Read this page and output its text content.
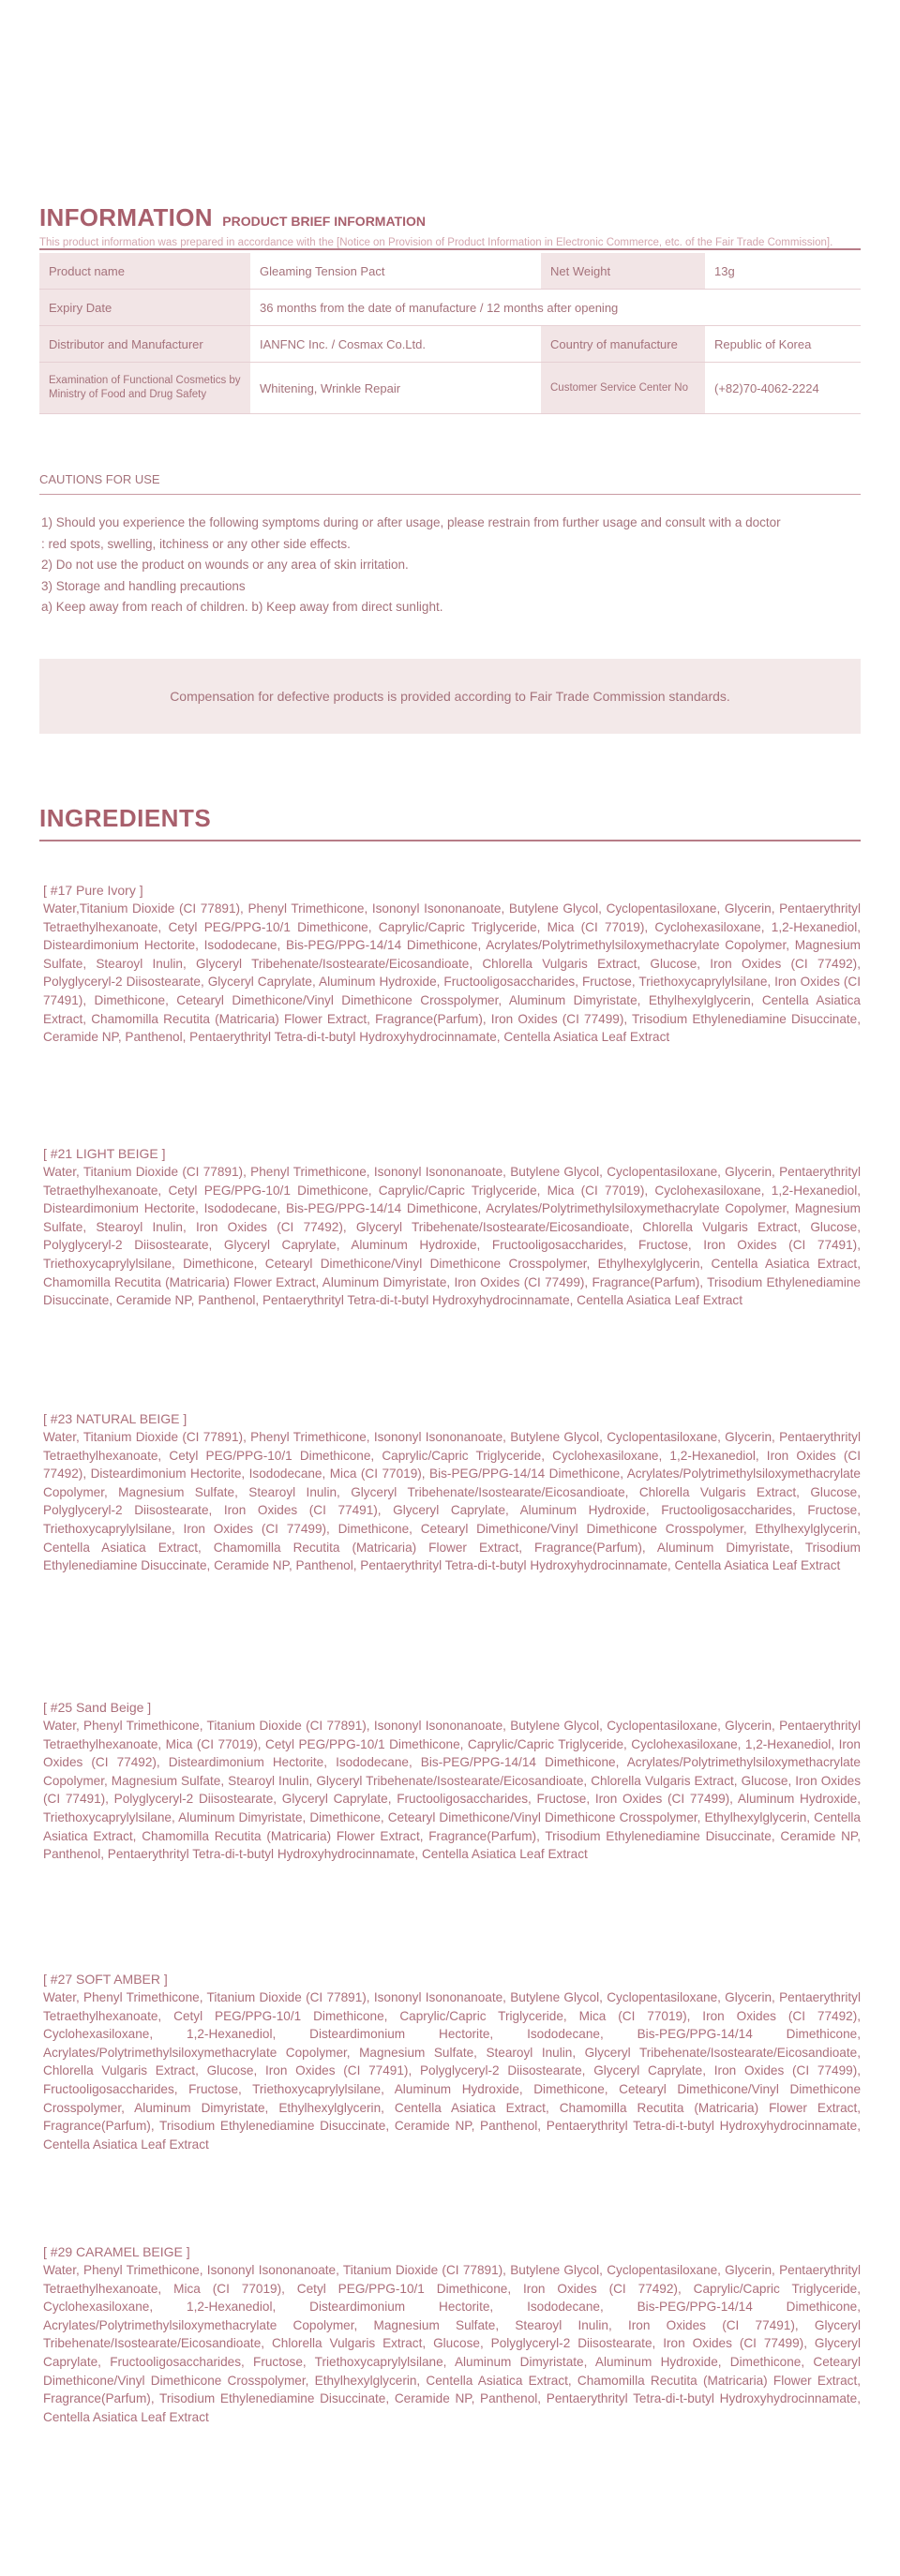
INFORMATION PRODUCT BRIEF INFORMATION
This product information was prepared in accordance with the [Notice on Provision of Product Information in Electronic Commerce, etc. of the Fair Trade Commission].
Product name	Gleaming Tension Pact	Net Weight	13g
Expiry Date	36 months from the date of manufacture / 12 months after opening		
Distributor and Manufacturer	IANFNC Inc. / Cosmax Co.Ltd.	Country of manufacture	Republic of Korea
Examination of Functional Cosmetics by Ministry of Food and Drug Safety	Whitening, Wrinkle Repair	Customer Service Center No	(+82)70-4062-2224
CAUTIONS FOR USE
1) Should you experience the following symptoms during or after usage, please restrain from further usage and consult with a doctor
: red spots, swelling, itchiness or any other side effects.
2) Do not use the product on wounds or any area of skin irritation.
3) Storage and handling precautions
a) Keep away from reach of children. b) Keep away from direct sunlight.
Compensation for defective products is provided according to Fair Trade Commission standards.
INGREDIENTS
[ #17 Pure Ivory ]
Water,Titanium Dioxide (CI 77891), Phenyl Trimethicone, Isononyl Isononanoate, Butylene Glycol, Cyclopentasiloxane, Glycerin, Pentaerythrityl Tetraethylhexanoate, Cetyl PEG/PPG-10/1 Dimethicone, Caprylic/Capric Triglyceride, Mica (CI 77019), Cyclohexasiloxane, 1,2-Hexanediol, Disteardimonium Hectorite, Isododecane, Bis-PEG/PPG-14/14 Dimethicone, Acrylates/Polytrimethylsiloxymethacrylate Copolymer, Magnesium Sulfate, Stearoyl Inulin, Glyceryl Tribehenate/Isostearate/Eicosandioate, Chlorella Vulgaris Extract, Glucose, Iron Oxides (CI 77492), Polyglyceryl-2 Diisostearate, Glyceryl Caprylate, Aluminum Hydroxide, Fructooligosaccharides, Fructose, Triethoxycaprylylsilane, Iron Oxides (CI 77491), Dimethicone, Cetearyl Dimethicone/Vinyl Dimethicone Crosspolymer, Aluminum Dimyristate, Ethylhexylglycerin, Centella Asiatica Extract, Chamomilla Recutita (Matricaria) Flower Extract, Fragrance(Parfum), Iron Oxides (CI 77499), Trisodium Ethylenediamine Disuccinate, Ceramide NP, Panthenol, Pentaerythrityl Tetra-di-t-butyl Hydroxyhydrocinnamate, Centella Asiatica Leaf Extract
[ #21 LIGHT BEIGE ]
Water, Titanium Dioxide (CI 77891), Phenyl Trimethicone, Isononyl Isononanoate, Butylene Glycol, Cyclopentasiloxane, Glycerin, Pentaerythrityl Tetraethylhexanoate, Cetyl PEG/PPG-10/1 Dimethicone, Caprylic/Capric Triglyceride, Mica (CI 77019), Cyclohexasiloxane, 1,2-Hexanediol, Disteardimonium Hectorite, Isododecane, Bis-PEG/PPG-14/14 Dimethicone, Acrylates/Polytrimethylsiloxymethacrylate Copolymer, Magnesium Sulfate, Stearoyl Inulin, Iron Oxides (CI 77492), Glyceryl Tribehenate/Isostearate/Eicosandioate, Chlorella Vulgaris Extract, Glucose, Polyglyceryl-2 Diisostearate, Glyceryl Caprylate, Aluminum Hydroxide, Fructooligosaccharides, Fructose, Iron Oxides (CI 77491), Triethoxycaprylylsilane, Dimethicone, Cetearyl Dimethicone/Vinyl Dimethicone Crosspolymer, Ethylhexylglycerin, Centella Asiatica Extract, Chamomilla Recutita (Matricaria) Flower Extract, Aluminum Dimyristate, Iron Oxides (CI 77499), Fragrance(Parfum), Trisodium Ethylenediamine Disuccinate, Ceramide NP, Panthenol, Pentaerythrityl Tetra-di-t-butyl Hydroxyhydrocinnamate, Centella Asiatica Leaf Extract
[ #23 NATURAL BEIGE ]
Water, Titanium Dioxide (CI 77891), Phenyl Trimethicone, Isononyl Isononanoate, Butylene Glycol, Cyclopentasiloxane, Glycerin, Pentaerythrityl Tetraethylhexanoate, Cetyl PEG/PPG-10/1 Dimethicone, Caprylic/Capric Triglyceride, Cyclohexasiloxane, 1,2-Hexanediol, Iron Oxides (CI 77492), Disteardimonium Hectorite, Isododecane, Mica (CI 77019), Bis-PEG/PPG-14/14 Dimethicone, Acrylates/Polytrimethylsiloxymethacrylate Copolymer, Magnesium Sulfate, Stearoyl Inulin, Glyceryl Tribehenate/Isostearate/Eicosandioate, Chlorella Vulgaris Extract, Glucose, Polyglyceryl-2 Diisostearate, Iron Oxides (CI 77491), Glyceryl Caprylate, Aluminum Hydroxide, Fructooligosaccharides, Fructose, Triethoxycaprylylsilane, Iron Oxides (CI 77499), Dimethicone, Cetearyl Dimethicone/Vinyl Dimethicone Crosspolymer, Ethylhexylglycerin, Centella Asiatica Extract, Chamomilla Recutita (Matricaria) Flower Extract, Fragrance(Parfum), Aluminum Dimyristate, Trisodium Ethylenediamine Disuccinate, Ceramide NP, Panthenol, Pentaerythrityl Tetra-di-t-butyl Hydroxyhydrocinnamate, Centella Asiatica Leaf Extract
[ #25 Sand Beige ]
Water, Phenyl Trimethicone, Titanium Dioxide (CI 77891), Isononyl Isononanoate, Butylene Glycol, Cyclopentasiloxane, Glycerin, Pentaerythrityl Tetraethylhexanoate, Mica (CI 77019), Cetyl PEG/PPG-10/1 Dimethicone, Caprylic/Capric Triglyceride, Cyclohexasiloxane, 1,2-Hexanediol, Iron Oxides (CI 77492), Disteardimonium Hectorite, Isododecane, Bis-PEG/PPG-14/14 Dimethicone, Acrylates/Polytrimethylsiloxymethacrylate Copolymer, Magnesium Sulfate, Stearoyl Inulin, Glyceryl Tribehenate/Isostearate/Eicosandioate, Chlorella Vulgaris Extract, Glucose, Iron Oxides (CI 77491), Polyglyceryl-2 Diisostearate, Glyceryl Caprylate, Fructooligosaccharides, Fructose, Iron Oxides (CI 77499), Aluminum Hydroxide, Triethoxycaprylylsilane, Aluminum Dimyristate, Dimethicone, Cetearyl Dimethicone/Vinyl Dimethicone Crosspolymer, Ethylhexylglycerin, Centella Asiatica Extract, Chamomilla Recutita (Matricaria) Flower Extract, Fragrance(Parfum), Trisodium Ethylenediamine Disuccinate, Ceramide NP, Panthenol, Pentaerythrityl Tetra-di-t-butyl Hydroxyhydrocinnamate, Centella Asiatica Leaf Extract
[ #27 SOFT AMBER ]
Water, Phenyl Trimethicone, Titanium Dioxide (CI 77891), Isononyl Isononanoate, Butylene Glycol, Cyclopentasiloxane, Glycerin, Pentaerythrityl Tetraethylhexanoate, Cetyl PEG/PPG-10/1 Dimethicone, Caprylic/Capric Triglyceride, Mica (CI 77019), Iron Oxides (CI 77492), Cyclohexasiloxane, 1,2-Hexanediol, Disteardimonium Hectorite, Isododecane, Bis-PEG/PPG-14/14 Dimethicone, Acrylates/Polytrimethylsiloxymethacrylate Copolymer, Magnesium Sulfate, Stearoyl Inulin, Glyceryl Tribehenate/Isostearate/Eicosandioate, Chlorella Vulgaris Extract, Glucose, Iron Oxides (CI 77491), Polyglyceryl-2 Diisostearate, Glyceryl Caprylate, Iron Oxides (CI 77499), Fructooligosaccharides, Fructose, Triethoxycaprylylsilane, Aluminum Hydroxide, Dimethicone, Cetearyl Dimethicone/Vinyl Dimethicone Crosspolymer, Aluminum Dimyristate, Ethylhexylglycerin, Centella Asiatica Extract, Chamomilla Recutita (Matricaria) Flower Extract, Fragrance(Parfum), Trisodium Ethylenediamine Disuccinate, Ceramide NP, Panthenol, Pentaerythrityl Tetra-di-t-butyl Hydroxyhydrocinnamate, Centella Asiatica Leaf Extract
[ #29 CARAMEL BEIGE ]
Water, Phenyl Trimethicone, Isononyl Isononanoate, Titanium Dioxide (CI 77891), Butylene Glycol, Cyclopentasiloxane, Glycerin, Pentaerythrityl Tetraethylhexanoate, Mica (CI 77019), Cetyl PEG/PPG-10/1 Dimethicone, Iron Oxides (CI 77492), Caprylic/Capric Triglyceride, Cyclohexasiloxane, 1,2-Hexanediol, Disteardimonium Hectorite, Isododecane, Bis-PEG/PPG-14/14 Dimethicone, Acrylates/Polytrimethylsiloxymethacrylate Copolymer, Magnesium Sulfate, Stearoyl Inulin, Iron Oxides (CI 77491), Glyceryl Tribehenate/Isostearate/Eicosandioate, Chlorella Vulgaris Extract, Glucose, Polyglyceryl-2 Diisostearate, Iron Oxides (CI 77499), Glyceryl Caprylate, Fructooligosaccharides, Fructose, Triethoxycaprylylsilane, Aluminum Dimyristate, Aluminum Hydroxide, Dimethicone, Cetearyl Dimethicone/Vinyl Dimethicone Crosspolymer, Ethylhexylglycerin, Centella Asiatica Extract, Chamomilla Recutita (Matricaria) Flower Extract, Fragrance(Parfum), Trisodium Ethylenediamine Disuccinate, Ceramide NP, Panthenol, Pentaerythrityl Tetra-di-t-butyl Hydroxyhydrocinnamate, Centella Asiatica Leaf Extract
